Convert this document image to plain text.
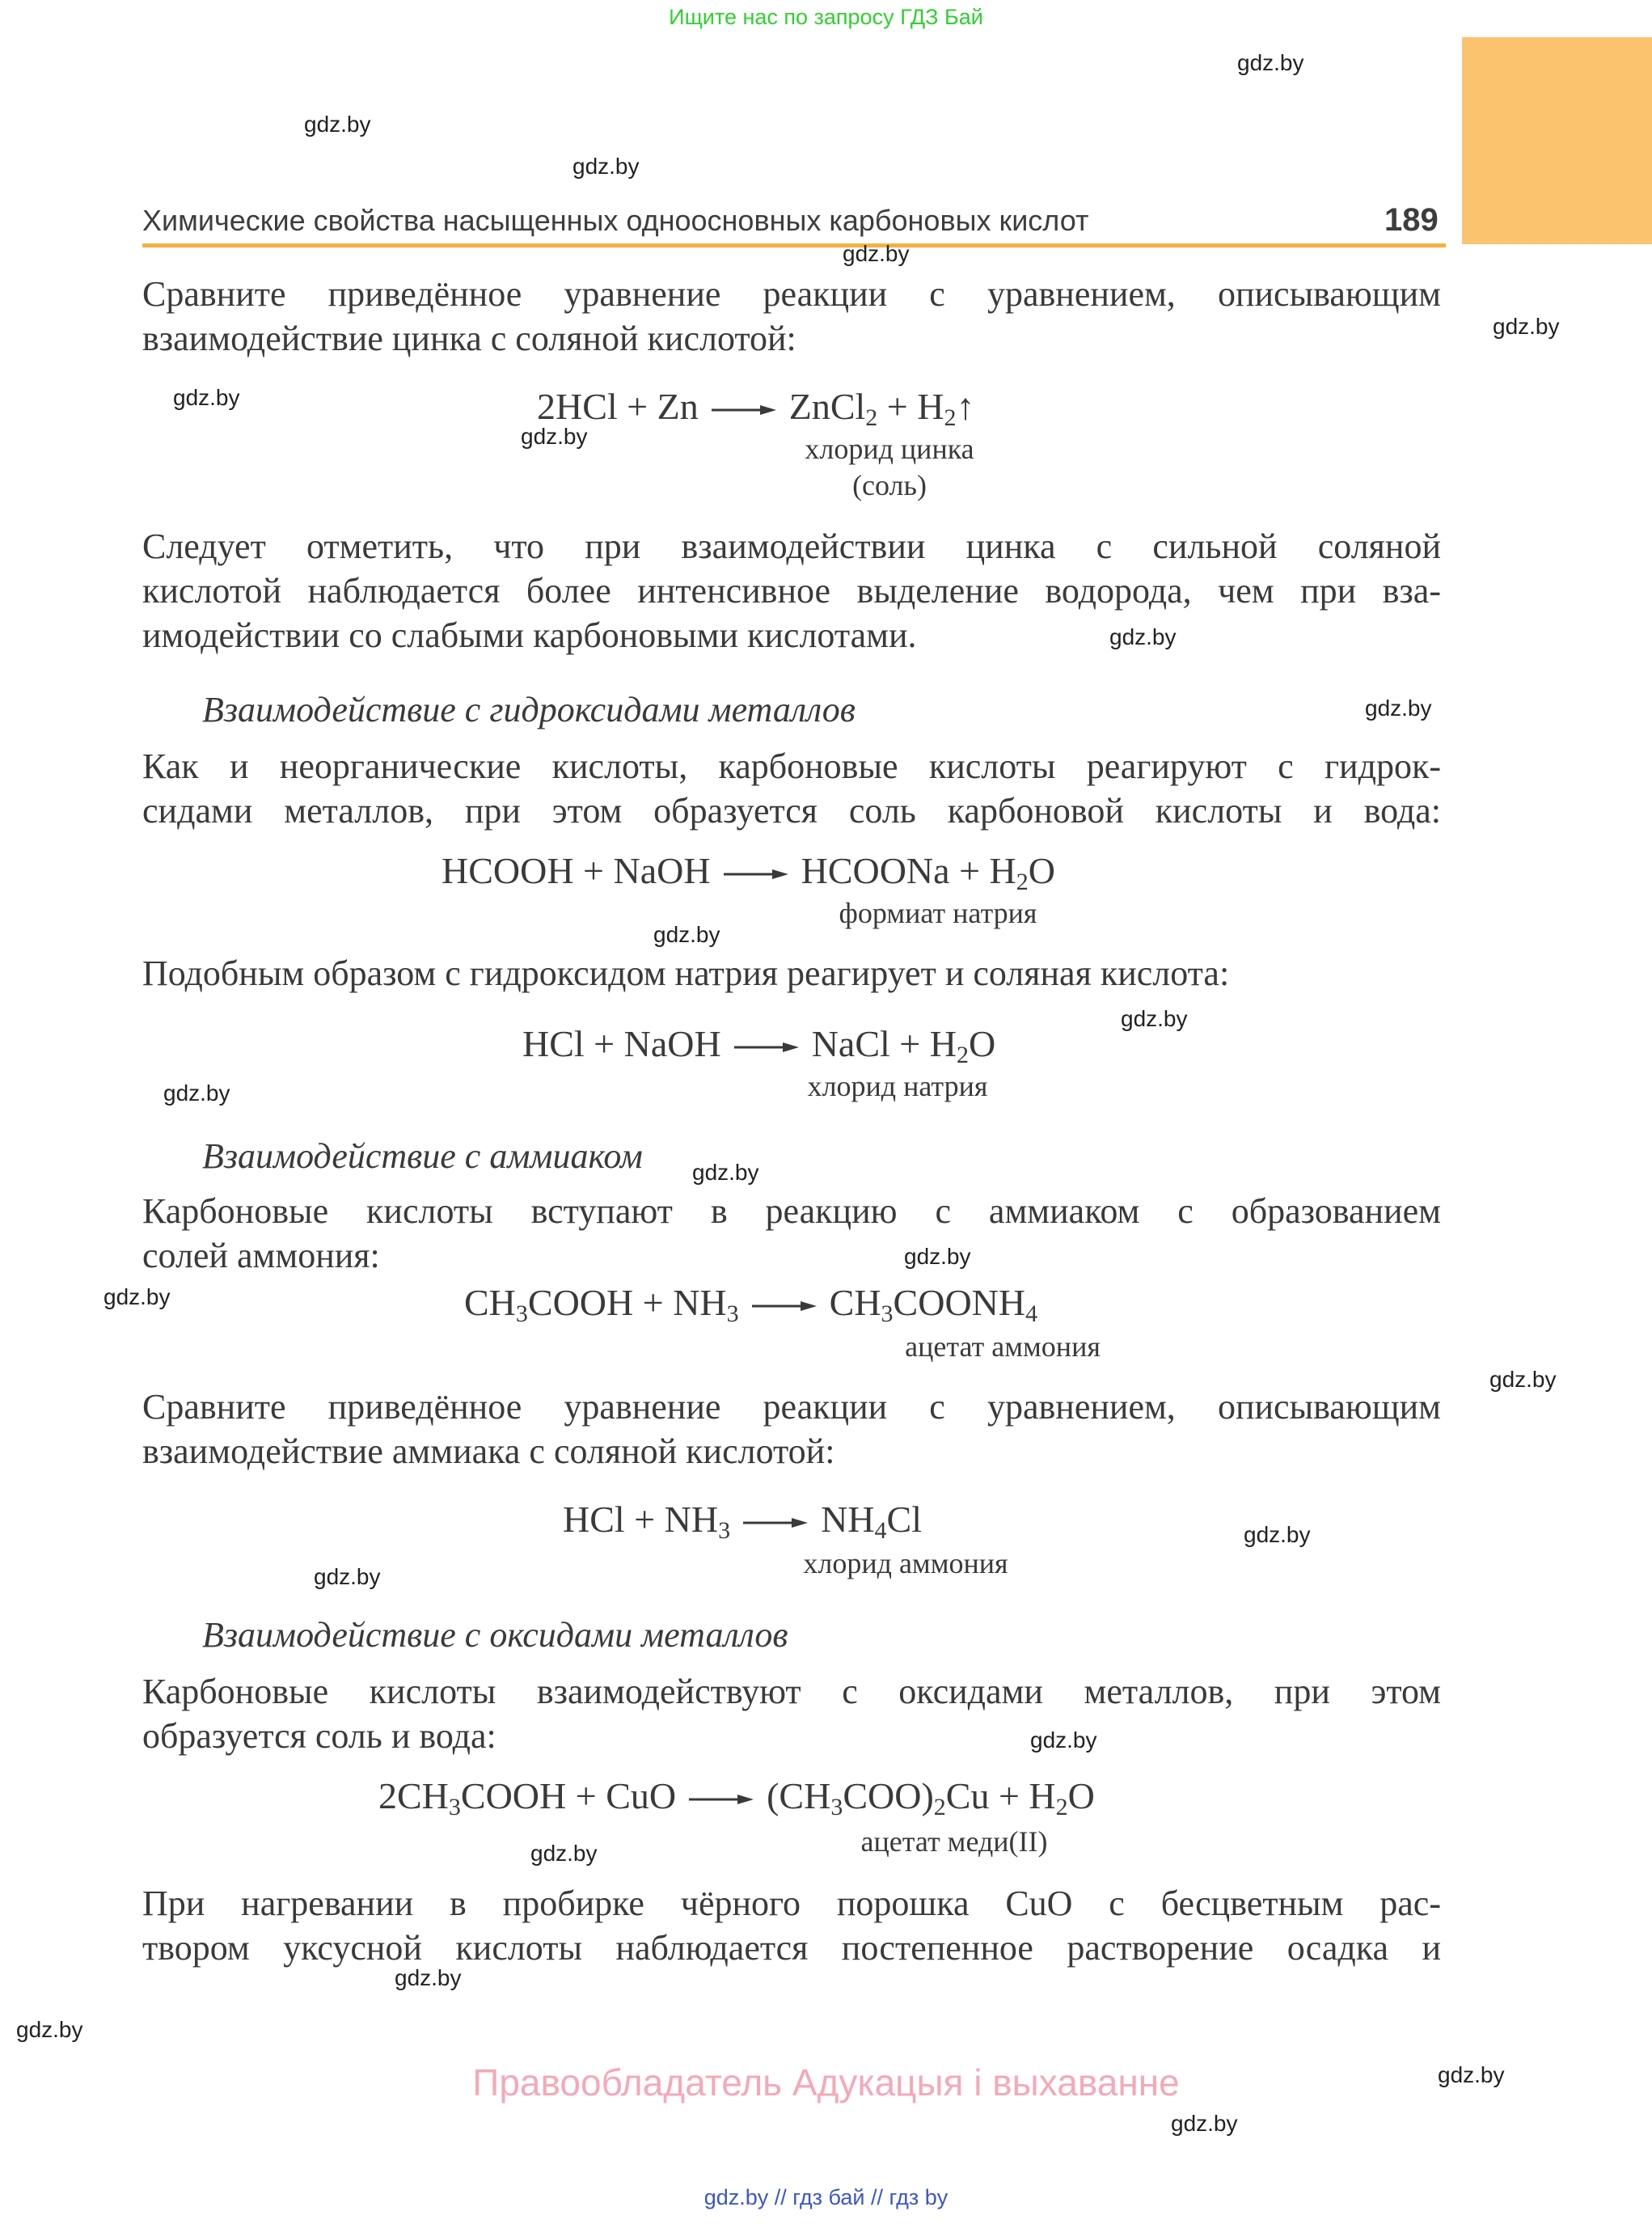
Ищите нас по запросу ГДЗ Бай
Химические свойства насыщенных одноосновных карбоновых кислот	189
Сравните приведённое уравнение реакции с уравнением, описывающим
взаимодействие цинка с соляной кислотой:
2HCl + Zn → ZnCl$_2$ + $H_2↑$
хлорид цинка
(соль)
Следует отметить, что при взаимодействии цинка с сильной соляной
кислотой наблюдается более интенсивное выделение водорода, чем при вза-
имодействии со слабыми карбоновыми кислотами.
Взаимодействие с гидроксидами металлов
Как и неорганические кислоты, карбоновые кислоты реагируют с гидрок-
сидами металлов, при этом образуется соль карбоновой кислоты и вода:
HCOOH + NaOH → HCOONa + $H_2O$
формиат натрия
Подобным образом с гидроксидом натрия реагирует и соляная кислота:
HCl + NaOH → NaCl + $H_2O$
хлорид натрия
Взаимодействие с аммиаком
Карбоновые кислоты вступают в реакцию с аммиаком с образованием
солей аммония:
$CH_3COOH + NH_3$ → $CH_3COONH_4$
ацетат аммония
Сравните приведённое уравнение реакции с уравнением, описывающим
взаимодействие аммиака с соляной кислотой:
HCl + $NH_3 \to NH_4Cl$
хлорид аммония
Взаимодействие с оксидами металлов
Карбоновые кислоты взаимодействуют с оксидами металлов, при этом
образуется соль и вода:
$2CH_3COOH$ + CuO → $(CH_3COO)_2Cu + H_2O$
ацетат меди(II)
При нагревании в пробирке чёрного порошка CuO с бесцветным рас-
твором уксусной кислоты наблюдается постепенное растворение осадка и
gdz.by
gdz.by
gdz.by
gdz.by
gdz.by
gdz.by
gdz.by
gdz.by
gdz.by
gdz.by
gdz.by
gdz.by
gdz.by
gdz.by
gdz.by
gdz.by
gdz.by
gdz.by
gdz.by
gdz.by
gdz.by
gdz.by
gdz.by
gdz.by
Правообладатель Адукацыя і выхаванне
gdz.by // гдз бай // гдз by
